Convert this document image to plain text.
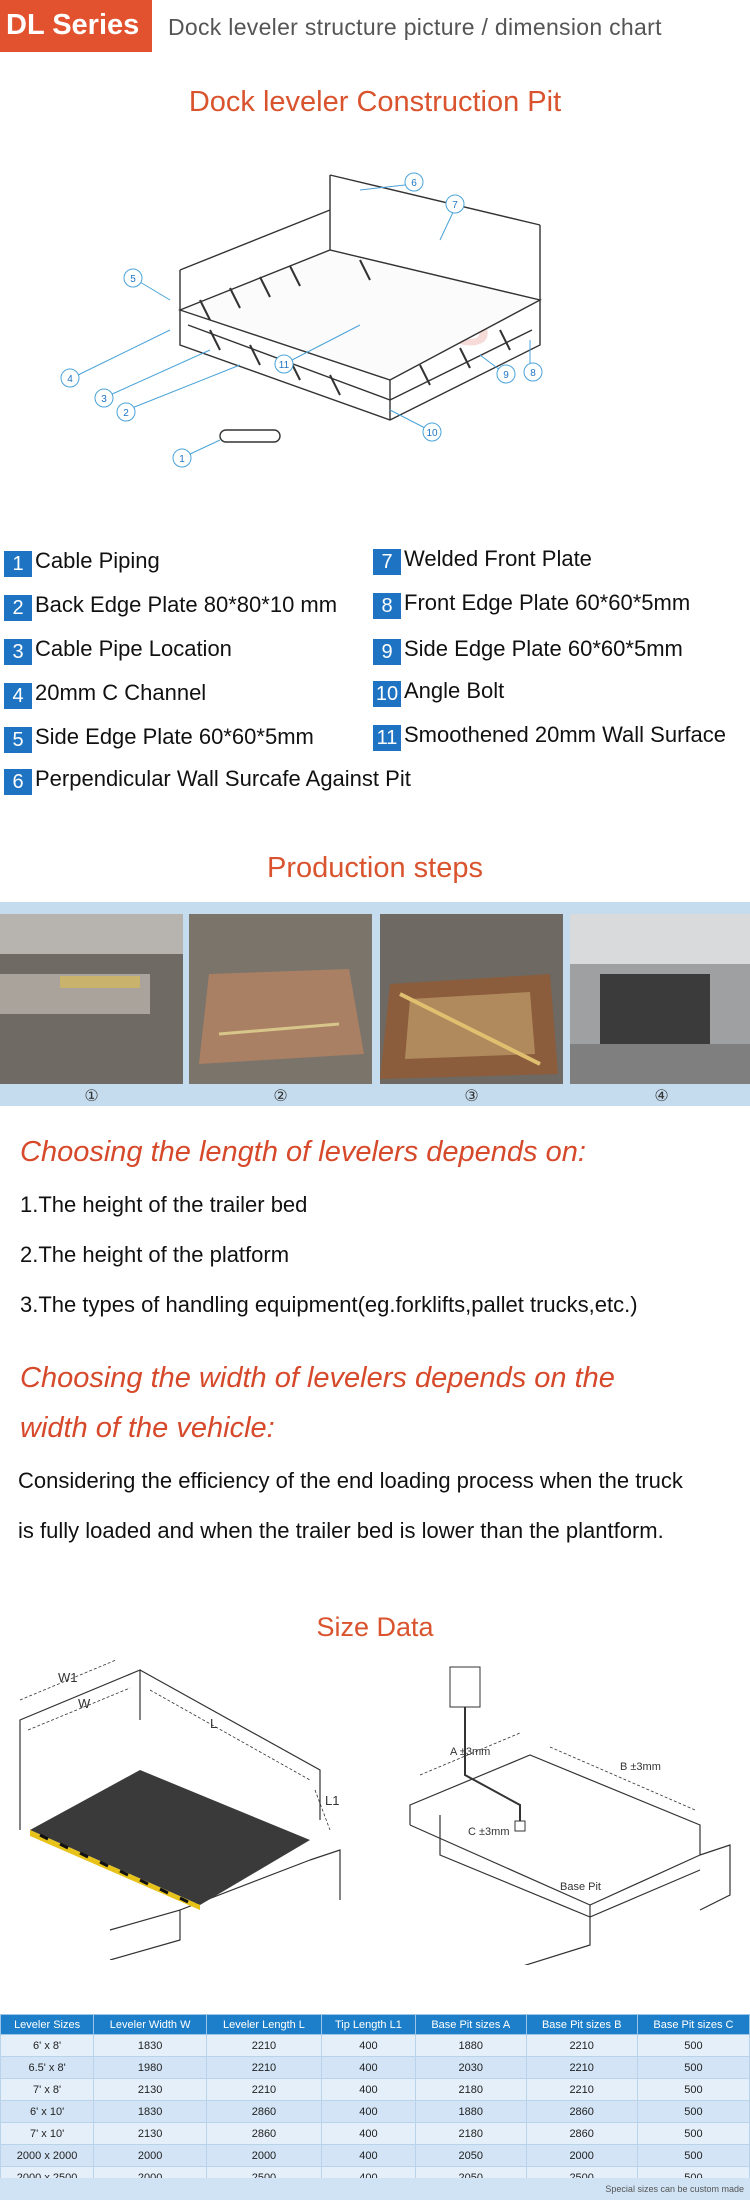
DL Series	Dock leveler structure picture / dimension chart
Dock leveler Construction Pit
6
7
5
4
3
2
1
10
9 8
11
1 Cable Piping
2 Back Edge Plate 80*80*10 mm
3 Cable Pipe Location
4 20mm C Channel
5 Side Edge Plate 60*60*5mm
6 Perpendicular Wall Surcafe Against Pit
7 Welded Front Plate
8 Front Edge Plate 60*60*5mm
9 Side Edge Plate 60*60*5mm
10 Angle Bolt
11 Smoothened 20mm Wall Surface
Production steps
①	②	③	④
Choosing the length of levelers depends on:
1.The height of the trailer bed
2.The height of the platform
3.The types of handling equipment(eg.forklifts,pallet trucks,etc.)
Choosing the width of levelers depends on the
width of the vehicle:
Considering the efficiency of the end loading process when the truck
is fully loaded and when the trailer bed is lower than the plantform.
Size Data
W1
W
L
L1
A ±3mm
B ±3mm
C ±3mm
Base Pit
Leveler Sizes	Leveler Width W	Leveler Length L	Tip Length L1	Base Pit sizes A	Base Pit sizes B	Base Pit sizes C
6' x 8'	1830	2210	400	1880	2210	500
6.5' x 8'	1980	2210	400	2030	2210	500
7' x 8'	2130	2210	400	2180	2210	500
6' x 10'	1830	2860	400	1880	2860	500
7' x 10'	2130	2860	400	2180	2860	500
2000 x 2000	2000	2000	400	2050	2000	500

Special sizes can be custom made
